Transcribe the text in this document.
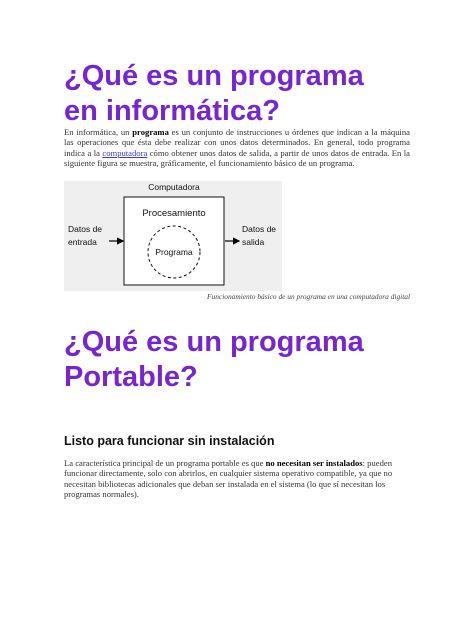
¿Qué es un programa en informática?

En informática, un programa es un conjunto de instrucciones u órdenes que indican a la máquina las operaciones que ésta debe realizar con unos datos determinados. En general, todo programa indica a la computadora cómo obtener unos datos de salida, a partir de unos datos de entrada. En la siguiente figura se muestra, gráficamente, el funcionamiento básico de un programa.

Computadora
Procesamiento
Programa
Datos de
entrada
Datos de
salida

Funcionamiento básico de un programa en una computadora digital

¿Qué es un programa Portable?
Listo para funcionar sin instalación

La característica principal de un programa portable es que no necesitan ser instalados: pueden funcionar directamente, solo con abrirlos, en cualquier sistema operativo compatible, ya que no necesitan bibliotecas adicionales que deban ser instalada en el sistema (lo que sí necesitan los programas normales).
